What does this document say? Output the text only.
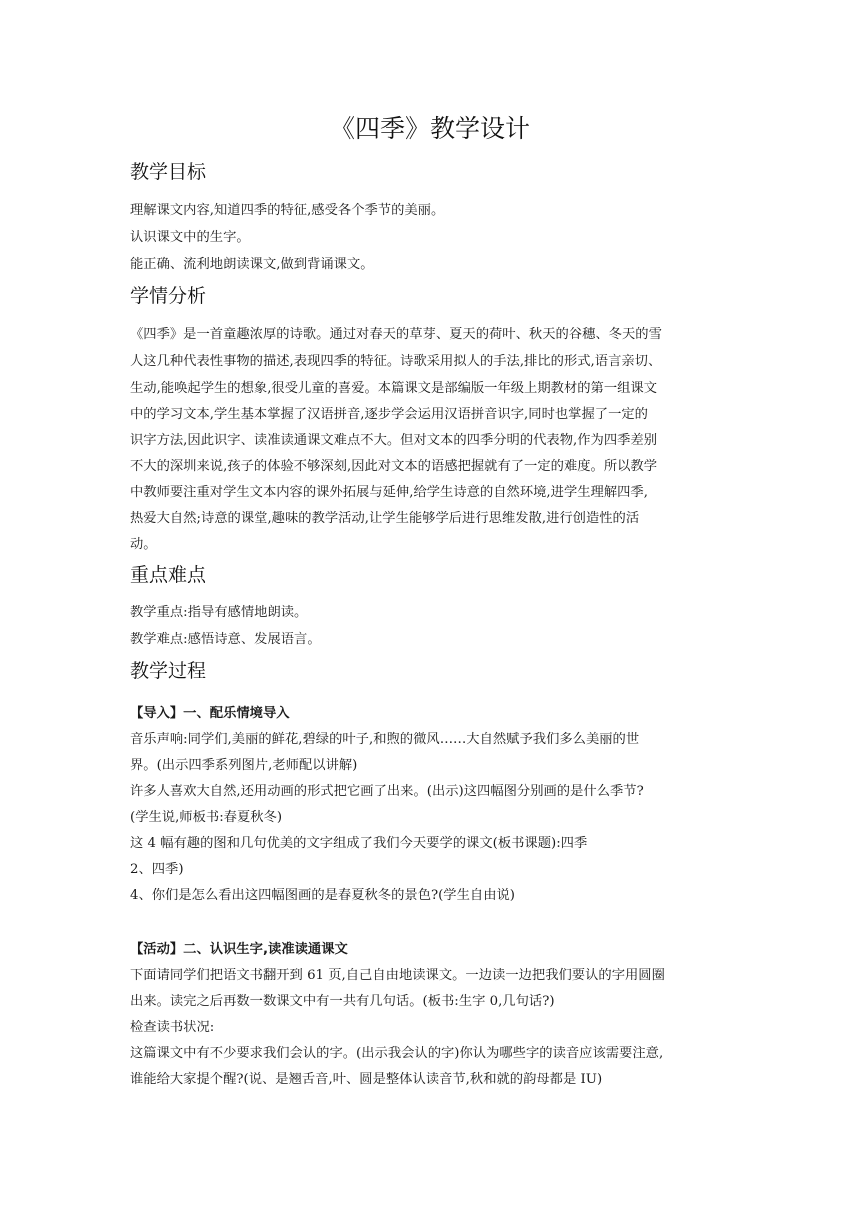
《四季》教学设计
教学目标
理解课文内容,知道四季的特征,感受各个季节的美丽。
认识课文中的生字。
能正确、流利地朗读课文,做到背诵课文。
学情分析
《四季》是一首童趣浓厚的诗歌。通过对春天的草芽、夏天的荷叶、秋天的谷穗、冬天的雪
人这几种代表性事物的描述,表现四季的特征。诗歌采用拟人的手法,排比的形式,语言亲切、
生动,能唤起学生的想象,很受儿童的喜爱。本篇课文是部编版一年级上期教材的第一组课文
中的学习文本,学生基本掌握了汉语拼音,逐步学会运用汉语拼音识字,同时也掌握了一定的
识字方法,因此识字、读准读通课文难点不大。但对文本的四季分明的代表物,作为四季差别
不大的深圳来说,孩子的体验不够深刻,因此对文本的语感把握就有了一定的难度。所以教学
中教师要注重对学生文本内容的课外拓展与延伸,给学生诗意的自然环境,进学生理解四季,
热爱大自然;诗意的课堂,趣味的教学活动,让学生能够学后进行思维发散,进行创造性的活
动。
重点难点
教学重点:指导有感情地朗读。
教学难点:感悟诗意、发展语言。
教学过程
【导入】一、配乐情境导入
音乐声响:同学们,美丽的鲜花,碧绿的叶子,和煦的微风……大自然赋予我们多么美丽的世
界。(出示四季系列图片,老师配以讲解)
许多人喜欢大自然,还用动画的形式把它画了出来。(出示)这四幅图分别画的是什么季节?
(学生说,师板书:春夏秋冬)
这 4 幅有趣的图和几句优美的文字组成了我们今天要学的课文(板书课题):四季
2、四季)
4、你们是怎么看出这四幅图画的是春夏秋冬的景色?(学生自由说)
【活动】二、认识生字,读准读通课文
下面请同学们把语文书翻开到 61 页,自己自由地读课文。一边读一边把我们要认的字用圆圈
出来。读完之后再数一数课文中有一共有几句话。(板书:生字 0,几句话?)
检查读书状况:
这篇课文中有不少要求我们会认的字。(出示我会认的字)你认为哪些字的读音应该需要注意,
谁能给大家提个醒?(说、是翘舌音,叶、圆是整体认读音节,秋和就的韵母都是 IU)
